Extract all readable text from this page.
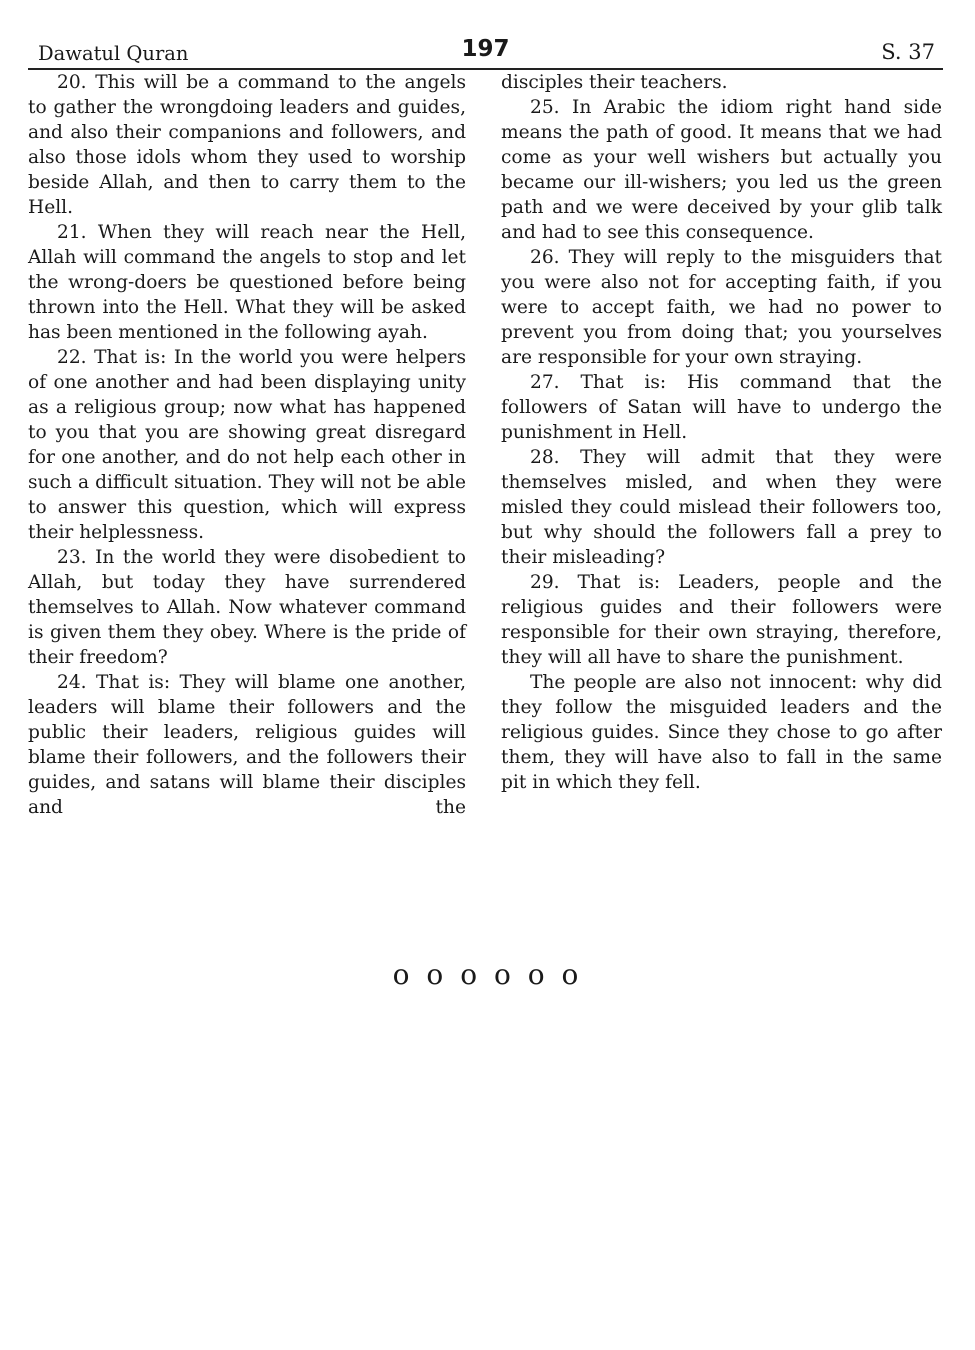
Dawatul Quran	197	S. 37

20. This will be a command to the angels to gather the wrongdoing leaders and guides, and also their companions and followers, and also those idols whom they used to worship beside Allah, and then to carry them to the Hell.

21. When they will reach near the Hell, Allah will command the angels to stop and let the wrong-doers be questioned before being thrown into the Hell. What they will be asked has been mentioned in the following ayah.

22. That is: In the world you were helpers of one another and had been displaying unity as a religious group; now what has happened to you that you are showing great disregard for one another, and do not help each other in such a difficult situation. They will not be able to answer this question, which will express their helplessness.

23. In the world they were disobedient to Allah, but today they have surrendered themselves to Allah. Now whatever command is given them they obey. Where is the pride of their freedom?

24. That is: They will blame one another, leaders will blame their followers and the public their leaders, religious guides will blame their followers, and the followers their guides, and satans will blame their disciples and the

disciples their teachers.

25. In Arabic the idiom right hand side means the path of good. It means that we had come as your well wishers but actually you became our ill-wishers; you led us the green path and we were deceived by your glib talk and had to see this consequence.

26. They will reply to the misguiders that you were also not for accepting faith, if you were to accept faith, we had no power to prevent you from doing that; you yourselves are responsible for your own straying.

27. That is: His command that the followers of Satan will have to undergo the punishment in Hell.

28. They will admit that they were themselves misled, and when they were misled they could mislead their followers too, but why should the followers fall a prey to their misleading?

29. That is: Leaders, people and the religious guides and their followers were responsible for their own straying, therefore, they will all have to share the punishment.

The people are also not innocent: why did they follow the misguided leaders and the religious guides. Since they chose to go after them, they will have also to fall in the same pit in which they fell.

o o o o o o
